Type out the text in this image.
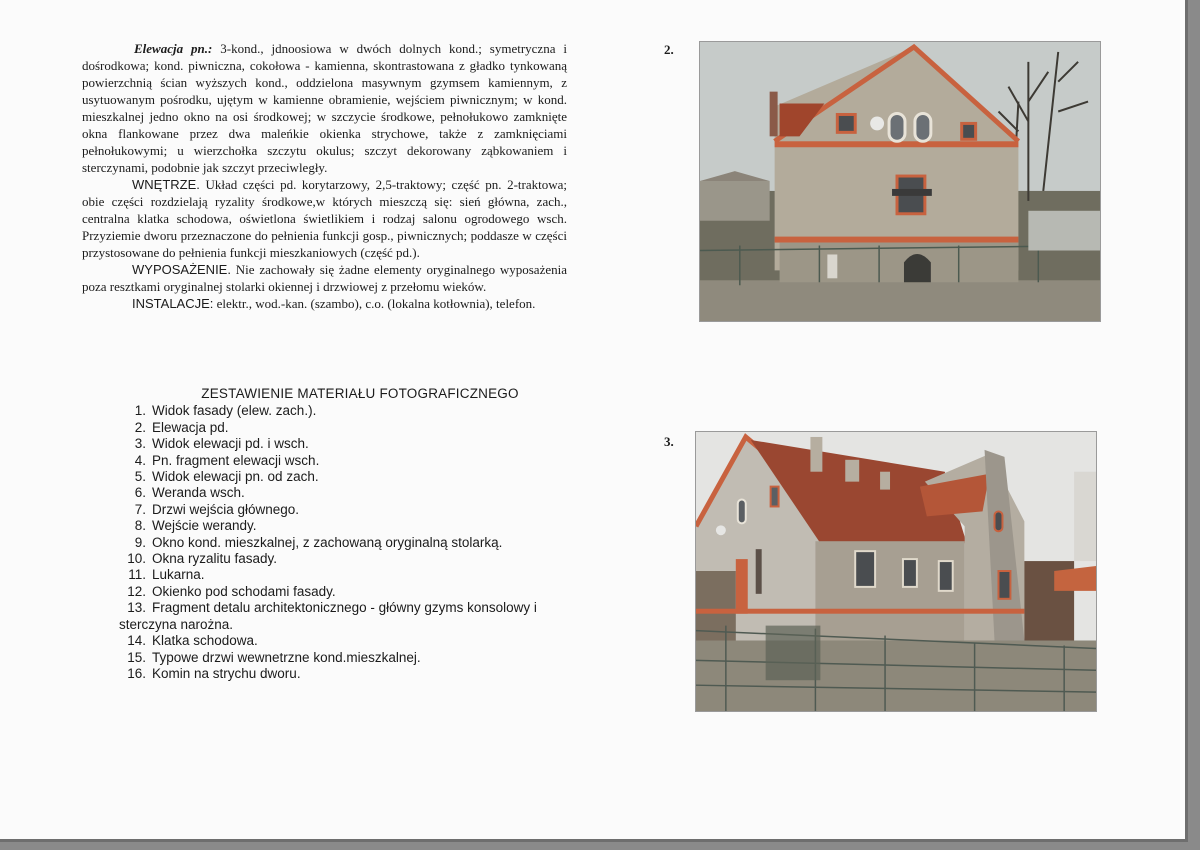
Elewacja pn.: 3-kond., jdnoosiowa w dwóch dolnych kond.; symetryczna i dośrodkowa; kond. piwniczna, cokołowa - kamienna, skontrastowana z gładko tynkowaną powierzchnią ścian wyższych kond., oddzielona masywnym gzymsem kamiennym, z usytuowanym pośrodku, ujętym w kamienne obramienie, wejściem piwnicznym; w kond. mieszkalnej jedno okno na osi środkowej; w szczycie środkowe, pełnołukowo zamknięte okna flankowane przez dwa maleńkie okienka strychowe, także z zamknięciami pełnołukowymi; u wierzchołka szczytu okulus; szczyt dekorowany ząbkowaniem i sterczynami, podobnie jak szczyt przeciwległy.

WNĘTRZE. Układ części pd. korytarzowy, 2,5-traktowy; część pn. 2-traktowa; obie części rozdzielają ryzality środkowe,w których mieszczą się: sień główna, zach., centralna klatka schodowa, oświetlona świetlikiem i rodzaj salonu ogrodowego wsch. Przyziemie dworu przeznaczone do pełnienia funkcji gosp., piwnicznych; poddasze w części przystosowane do pełnienia funkcji mieszkaniowych (część pd.).

WYPOSAŻENIE. Nie zachowały się żadne elementy oryginalnego wyposażenia poza resztkami oryginalnej stolarki okiennej i drzwiowej z przełomu wieków.

INSTALACJE: elektr., wod.-kan. (szambo), c.o. (lokalna kotłownia), telefon.

ZESTAWIENIE MATERIAŁU FOTOGRAFICZNEGO
1. Widok fasady (elew. zach.).
2. Elewacja pd.
3. Widok elewacji pd. i wsch.
4. Pn. fragment elewacji wsch.
5. Widok elewacji pn. od zach.
6. Weranda wsch.
7. Drzwi wejścia głównego.
8. Wejście werandy.
9. Okno kond. mieszkalnej, z zachowaną oryginalną stolarką.
10. Okna ryzalitu fasady.
11. Lukarna.
12. Okienko pod schodami fasady.
13. Fragment detalu architektonicznego - główny gzyms konsolowy i
sterczyna narożna.
14. Klatka schodowa.
15. Typowe drzwi wewnetrzne kond.mieszkalnej.
16. Komin na strychu dworu.
2.
3.
